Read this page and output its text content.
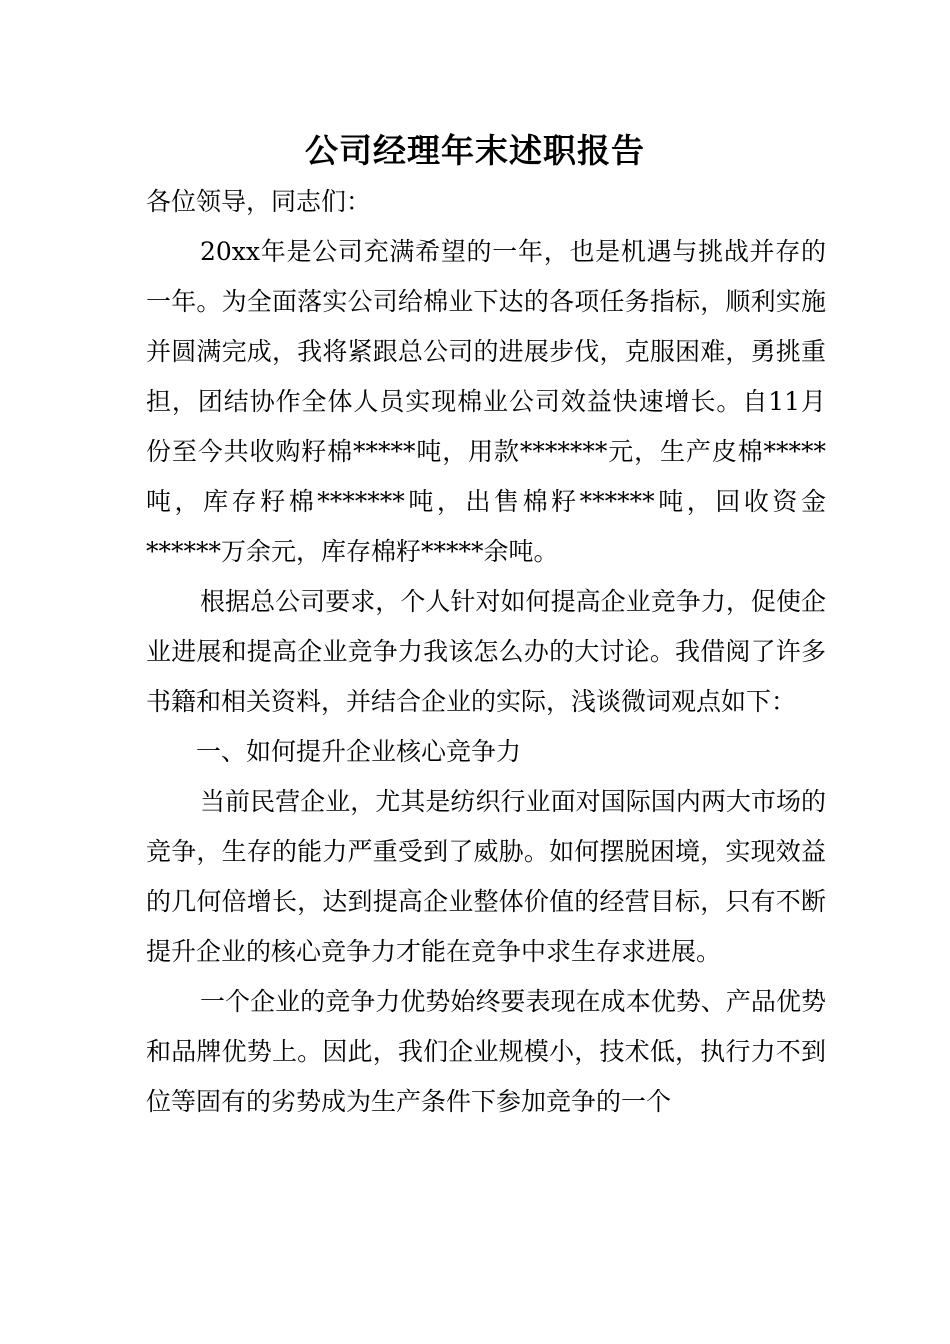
公司经理年末述职报告

各位领导，同志们：

20xx年是公司充满希望的一年，也是机遇与挑战并存的一年。为全面落实公司给棉业下达的各项任务指标，顺利实施并圆满完成，我将紧跟总公司的进展步伐，克服困难，勇挑重担，团结协作全体人员实现棉业公司效益快速增长。自11月份至今共收购籽棉*****吨，用款*******元，生产皮棉*****吨，库存籽棉*******吨，出售棉籽******吨，回收资金******万余元，库存棉籽*****余吨。

根据总公司要求，个人针对如何提高企业竞争力，促使企业进展和提高企业竞争力我该怎么办的大讨论。我借阅了许多书籍和相关资料，并结合企业的实际，浅谈微词观点如下：

一、如何提升企业核心竞争力

当前民营企业，尤其是纺织行业面对国际国内两大市场的竞争，生存的能力严重受到了威胁。如何摆脱困境，实现效益的几何倍增长，达到提高企业整体价值的经营目标，只有不断提升企业的核心竞争力才能在竞争中求生存求进展。

一个企业的竞争力优势始终要表现在成本优势、产品优势和品牌优势上。因此，我们企业规模小，技术低，执行力不到位等固有的劣势成为生产条件下参加竞争的一个
